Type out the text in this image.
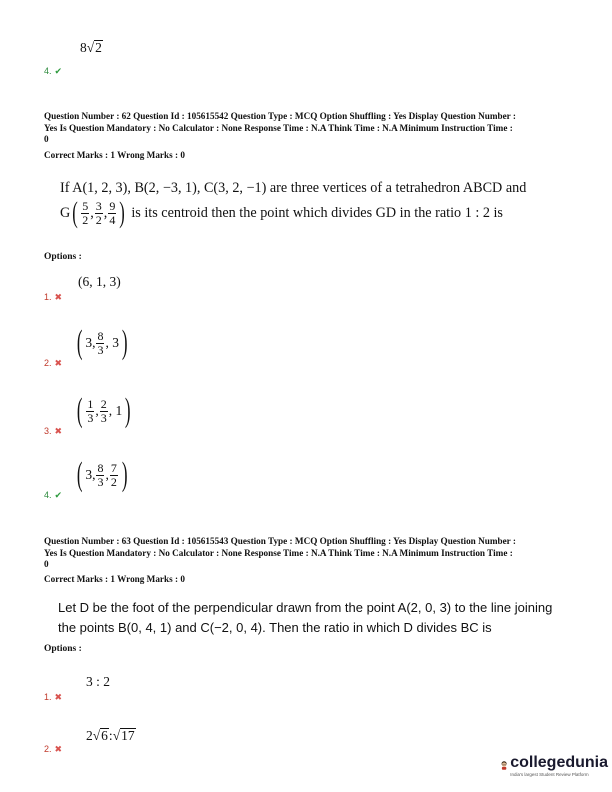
8√2
4. ✔
Question Number : 62 Question Id : 105615542 Question Type : MCQ Option Shuffling : Yes Display Question Number :
Yes Is Question Mandatory : No Calculator : None Response Time : N.A Think Time : N.A Minimum Instruction Time :
0
Correct Marks : 1 Wrong Marks : 0
If A(1, 2, 3), B(2, −3, 1), C(3, 2, −1) are three vertices of a tetrahedron ABCD and
G ( $\frac{5}{2}$ , $\frac{3}{2}$ , $\frac{9}{4}$ ) is its centroid then the point which divides GD in the ratio 1 : 2 is
Options :
(6, 1, 3)
1. ✖
( 3, $\frac{8}{3}$ , 3 )
2. ✖
( $\frac{1}{3}$ , $\frac{2}{3}$ , 1 )
3. ✖
( 3, $\frac{8}{3}$ , $\frac{7}{2}$ )
4. ✔
Question Number : 63 Question Id : 105615543 Question Type : MCQ Option Shuffling : Yes Display Question Number :
Yes Is Question Mandatory : No Calculator : None Response Time : N.A Think Time : N.A Minimum Instruction Time :
0
Correct Marks : 1 Wrong Marks : 0
Let D be the foot of the perpendicular drawn from the point A(2, 0, 3) to the line joining
the points B(0, 4, 1) and C(−2, 0, 4). Then the ratio in which D divides BC is
Options :
3 : 2
1. ✖
2√6:√17
2. ✖
collegedunia
India's largest Student Review Platform
